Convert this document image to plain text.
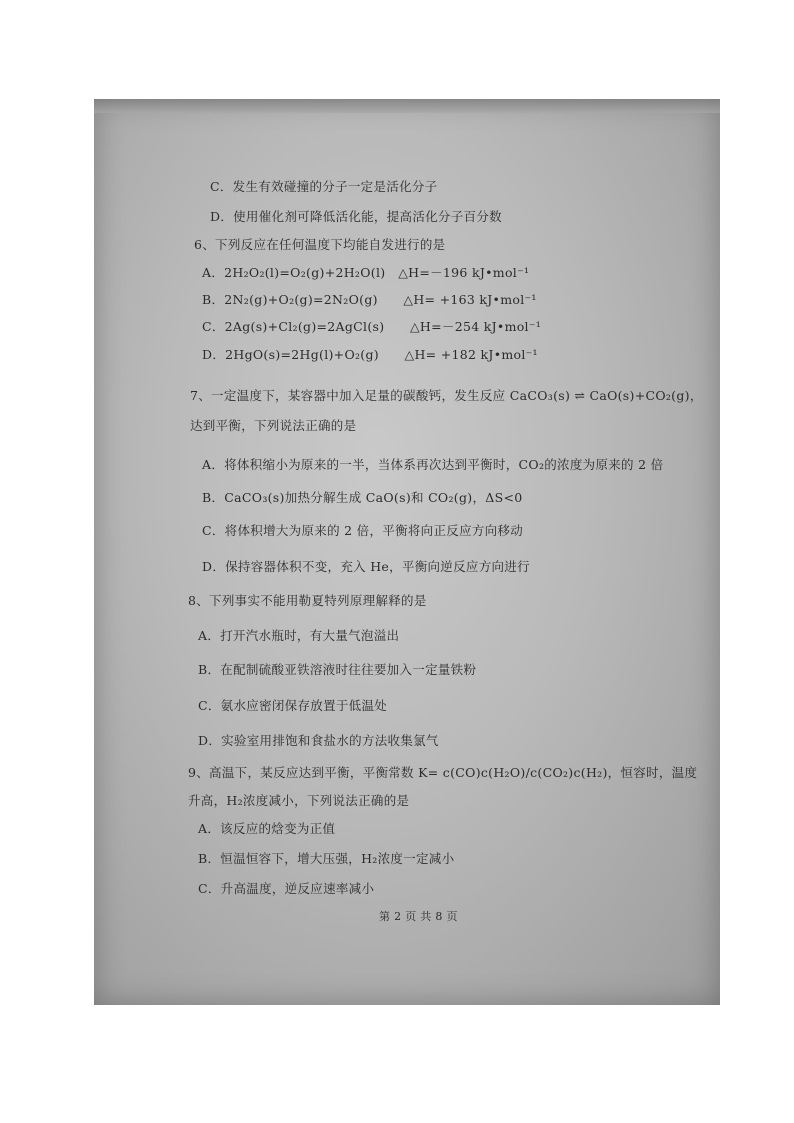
C．发生有效碰撞的分子一定是活化分子
D．使用催化剂可降低活化能，提高活化分子百分数
6、下列反应在任何温度下均能自发进行的是
A．2H₂O₂(l)=O₂(g)+2H₂O(l)　△H=－196 kJ•mol⁻¹
B．2N₂(g)+O₂(g)=2N₂O(g)　　△H= +163 kJ•mol⁻¹
C．2Ag(s)+Cl₂(g)=2AgCl(s)　　△H=－254 kJ•mol⁻¹
D．2HgO(s)=2Hg(l)+O₂(g)　　△H= +182 kJ•mol⁻¹
7、一定温度下，某容器中加入足量的碳酸钙，发生反应 CaCO₃(s) ⇌ CaO(s)+CO₂(g)，
达到平衡，下列说法正确的是
A．将体积缩小为原来的一半，当体系再次达到平衡时，CO₂的浓度为原来的 2 倍
B．CaCO₃(s)加热分解生成 CaO(s)和 CO₂(g)，ΔS<0
C．将体积增大为原来的 2 倍，平衡将向正反应方向移动
D．保持容器体积不变，充入 He，平衡向逆反应方向进行
8、下列事实不能用勒夏特列原理解释的是
A．打开汽水瓶时，有大量气泡溢出
B．在配制硫酸亚铁溶液时往往要加入一定量铁粉
C．氨水应密闭保存放置于低温处
D．实验室用排饱和食盐水的方法收集氯气
9、高温下，某反应达到平衡，平衡常数 K= c(CO)c(H₂O)/c(CO₂)c(H₂)，恒容时，温度
升高，H₂浓度减小，下列说法正确的是
A．该反应的焓变为正值
B．恒温恒容下，增大压强，H₂浓度一定减小
C．升高温度，逆反应速率减小
第 2 页 共 8 页
